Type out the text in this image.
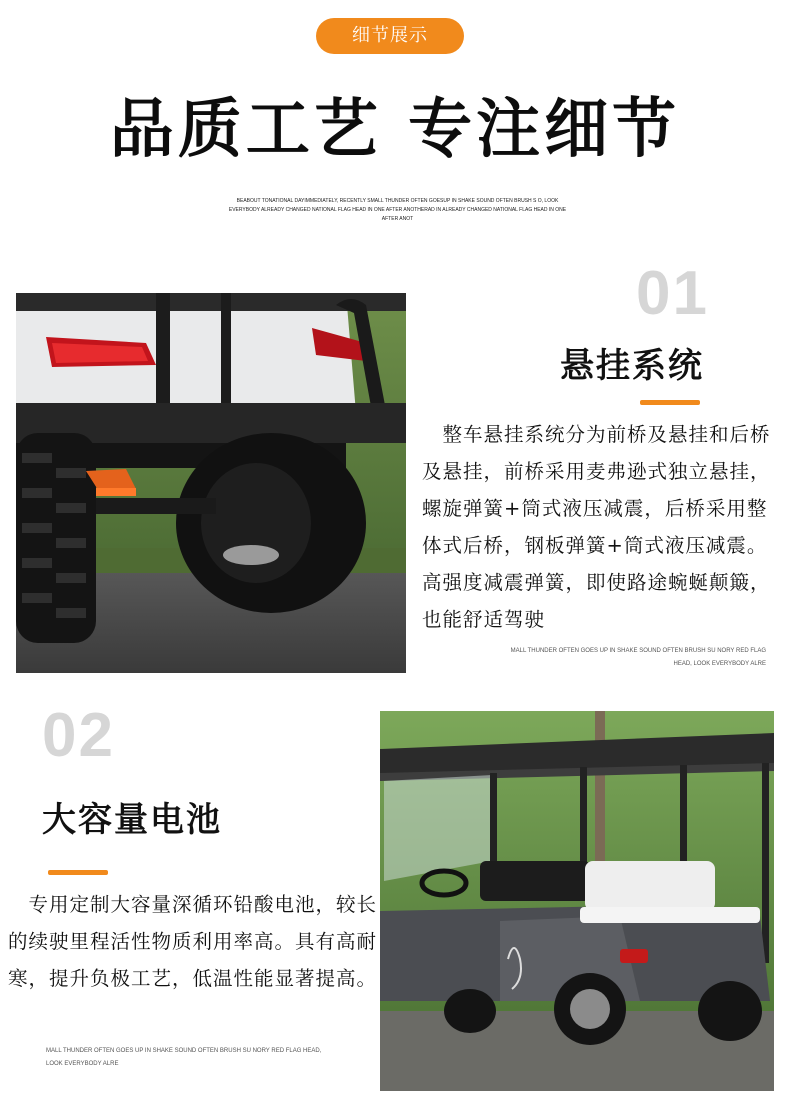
细节展示
品质工艺 专注细节
BEABOUT TONATIONAL DAYIMMEDIATELY, RECENTLY SMALL THUNDER OFTEN GOESUP IN SHAKE SOUND OFTEN BRUSH S O, LOOK EVERYBODY ALREADY CHANGED NATIONAL FLAG HEAD IN ONE AFTER ANOTHERAD IN ALREADY CHANGED NATIONAL FLAG HEAD IN ONE AFTER ANOT
01
悬挂系统
　整车悬挂系统分为前桥及悬挂和后桥及悬挂，前桥采用麦弗逊式独立悬挂，螺旋弹簧+筒式液压减震，后桥采用整体式后桥，钢板弹簧+筒式液压减震。高强度减震弹簧，即使路途蜿蜒颠簸，也能舒适驾驶
MALL THUNDER OFTEN GOES UP IN SHAKE SOUND OFTEN BRUSH SU NORY RED FLAG HEAD, LOOK EVERYBODY ALRE
02
大容量电池
　专用定制大容量深循环铅酸电池，较长的续驶里程活性物质利用率高。具有高耐寒，提升负极工艺，低温性能显著提高。
MALL THUNDER OFTEN GOES UP IN SHAKE SOUND OFTEN BRUSH SU NORY RED FLAG HEAD, LOOK EVERYBODY ALRE
